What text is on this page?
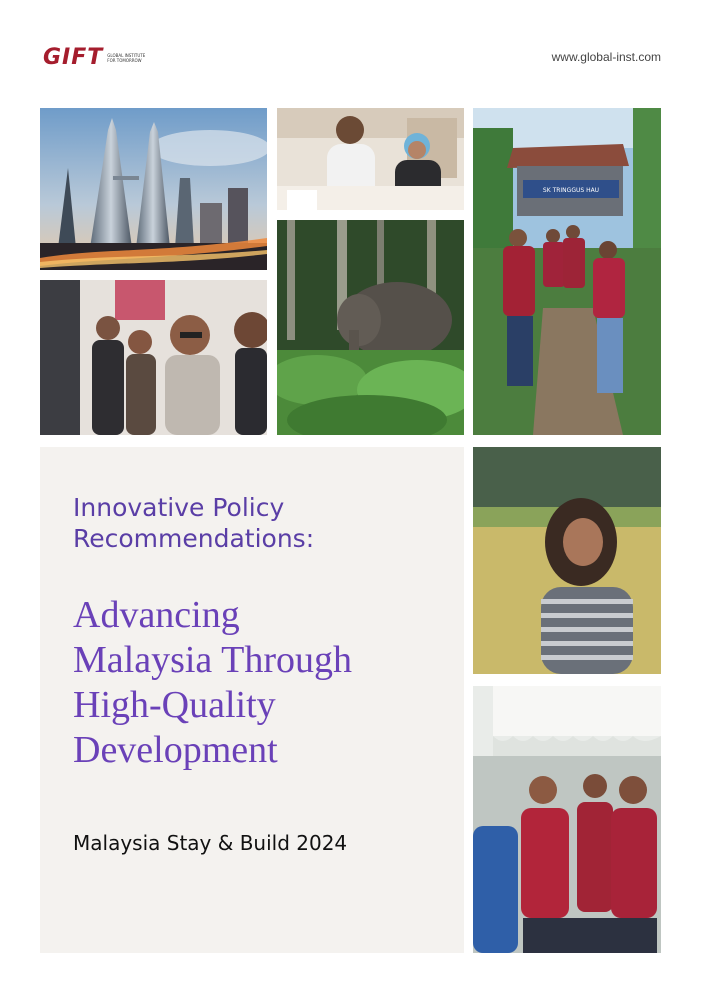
GIFT GLOBAL INSTITUTE FOR TOMORROW	www.global-inst.com
SK TRINGGUS HAU
Innovative Policy
Recommendations:
Advancing
Malaysia Through
High-Quality
Development

Malaysia Stay & Build 2024
